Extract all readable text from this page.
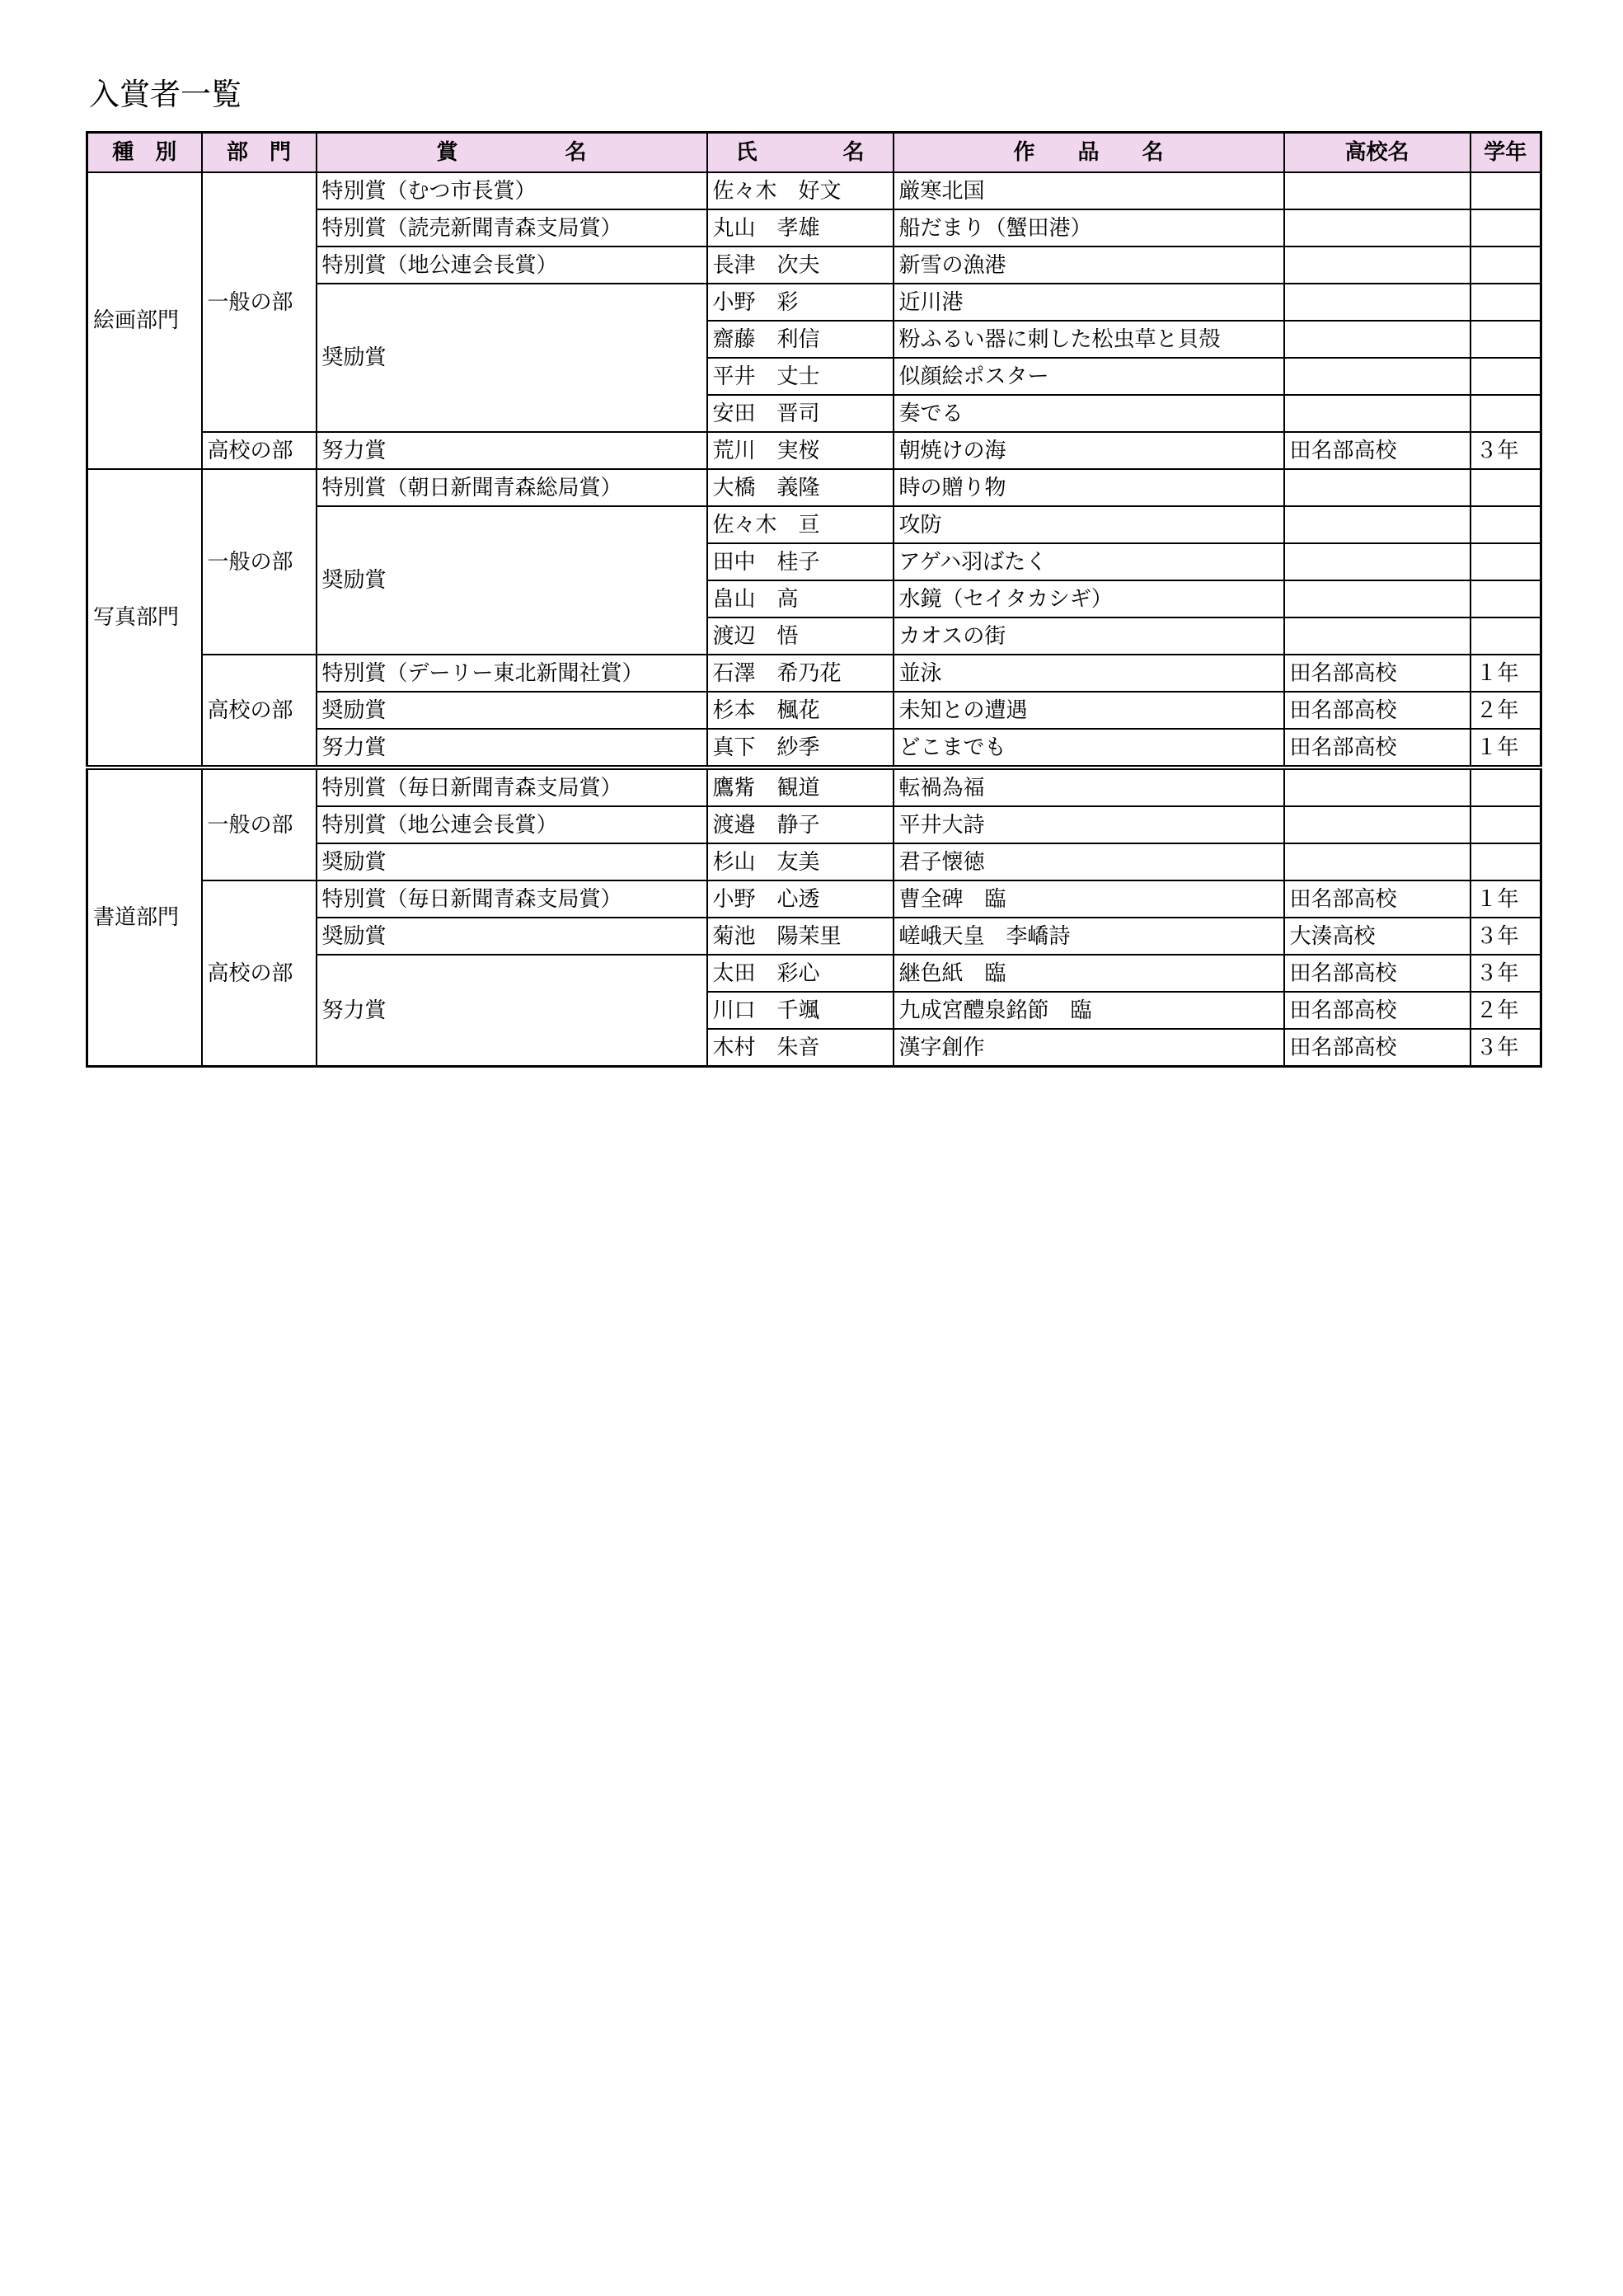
入賞者一覧
種　別	部　門	賞　　　　　名	氏　　　　名	作　　品　　名	高校名	学年
絵画部門	一般の部	特別賞（むつ市長賞）	佐々木　好文	厳寒北国		
		特別賞（読売新聞青森支局賞）	丸山　孝雄	船だまり（蟹田港）		
		特別賞（地公連会長賞）	長津　次夫	新雪の漁港		
		奨励賞	小野　彩	近川港		
			齋藤　利信	粉ふるい器に刺した松虫草と貝殻		
			平井　丈士	似顔絵ポスター		
			安田　晋司	奏でる		
	高校の部	努力賞	荒川　実桜	朝焼けの海	田名部高校	３年
写真部門	一般の部	特別賞（朝日新聞青森総局賞）	大橋　義隆	時の贈り物		
		奨励賞	佐々木　亘	攻防		
			田中　桂子	アゲハ羽ばたく		
			畠山　高	水鏡（セイタカシギ）		
			渡辺　悟	カオスの街		
	高校の部	特別賞（デーリー東北新聞社賞）	石澤　希乃花	並泳	田名部高校	１年
		奨励賞	杉本　楓花	未知との遭遇	田名部高校	２年
		努力賞	真下　紗季	どこまでも	田名部高校	１年
書道部門	一般の部	特別賞（毎日新聞青森支局賞）	鷹觜　観道	転禍為福		
		特別賞（地公連会長賞）	渡邉　静子	平井大詩		
		奨励賞	杉山　友美	君子懐徳		
	高校の部	特別賞（毎日新聞青森支局賞）	小野　心透	曹全碑　臨	田名部高校	１年
		奨励賞	菊池　陽茉里	嵯峨天皇　李嶠詩	大湊高校	３年
		努力賞	太田　彩心	継色紙　臨	田名部高校	３年
			川口　千颯	九成宮醴泉銘節　臨	田名部高校	２年
			木村　朱音	漢字創作	田名部高校	３年
